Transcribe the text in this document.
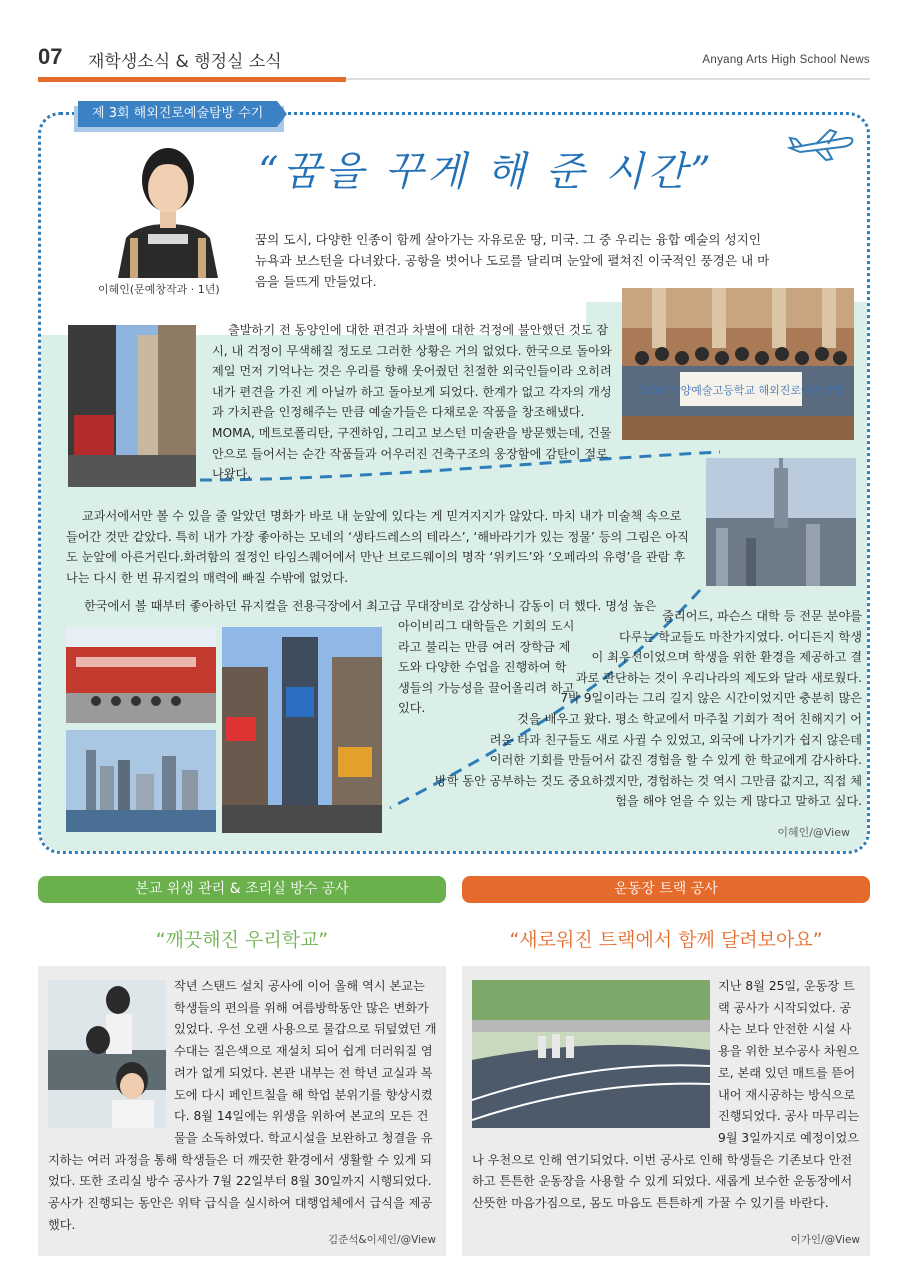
07 재학생소식 & 행정실 소식	Anyang Arts High School News
제 3회 해외진로예술탐방 수기
이혜인(문예창작과 · 1년)
“꿈을 꾸게 해 준 시간”
꿈의 도시, 다양한 인종이 함께 살아가는 자유로운 땅, 미국. 그 중 우리는 융합 예술의 성지인 뉴욕과 보스턴을 다녀왔다. 공항을 벗어나 도로를 달리며 눈앞에 펼쳐진 이국적인 풍경은 내 마음을 들뜨게 만들었다.
2016 안양예술고등학교 해외진로예술탐방
출발하기 전 동양인에 대한 편견과 차별에 대한 걱정에 불안했던 것도 잠시, 내 걱정이 무색해질 정도로 그러한 상황은 거의 없었다. 한국으로 돌아와 제일 먼저 기억나는 것은 우리를 향해 웃어줬던 친절한 외국인들이라 오히려 내가 편견을 가진 게 아닐까 하고 돌아보게 되었다. 한계가 없고 각자의 개성과 가치관을 인정해주는 만큼 예술가들은 다채로운 작품을 창조해냈다. MOMA, 메트로폴리탄, 구겐하임, 그리고 보스턴 미술관을 방문했는데, 건물 안으로 들어서는 순간 작품들과 어우러진 건축구조의 웅장함에 감탄이 절로 나왔다.
교과서에서만 볼 수 있을 줄 알았던 명화가 바로 내 눈앞에 있다는 게 믿겨지지가 않았다. 마치 내가 미술책 속으로 들어간 것만 같았다. 특히 내가 가장 좋아하는 모네의 ‘생타드레스의 테라스’, ‘해바라기가 있는 정물’ 등의 그림은 아직도 눈앞에 아른거린다.화려함의 절정인 타임스퀘어에서 만난 브로드웨이의 명작 ‘위키드’와 ‘오페라의 유령’을 관람 후 나는 다시 한 번 뮤지컬의 매력에 빠질 수밖에 없었다.
한국에서 볼 때부터 좋아하던 뮤지컬을 전용극장에서 최고급 무대장비로 감상하니 감동이 더 했다. 명성 높은
아이비리그 대학들은 기회의 도시라고 불리는 만큼 여러 장학금 제도와 다양한 수업을 진행하여 학생들의 가능성을 끌어올리려 하고 있다.
줄리어드, 파슨스 대학 등 전문 분야를
다루는 학교들도 마찬가지였다. 어디든지 학생
이 최우선이었으며 학생을 위한 환경을 제공하고 결
과로 판단하는 것이 우리나라의 제도와 달라 새로웠다.
7박 9일이라는 그리 길지 않은 시간이었지만 충분히 많은
것을 배우고 왔다. 평소 학교에서 마주칠 기회가 적어 친해지기 어
려운 타과 친구들도 새로 사귈 수 있었고, 외국에 나가기가 쉽지 않은데
이러한 기회를 만들어서 값진 경험을 할 수 있게 한 학교에게 감사하다.
방학 동안 공부하는 것도 중요하겠지만, 경험하는 것 역시 그만큼 값지고, 직접 체
험을 해야 얻을 수 있는 게 많다고 말하고 싶다.
이혜인/@View
본교 위생 관리 & 조리실 방수 공사
“깨끗해진 우리학교”
작년 스탠드 설치 공사에 이어 올해 역시 본교는 학생들의 편의를 위해 여름방학동안 많은 변화가 있었다. 우선 오랜 사용으로 물갑으로 뒤덮였던 개수대는 질은색으로 재설치 되어 쉽게 더러워질 염려가 없게 되었다. 본관 내부는 전 학년 교실과 복도에 다시 페인트칠을 해 학업 분위기를 향상시켰다. 8월 14일에는 위생을 위하여 본교의 모든 건물을 소독하였다. 학교시설을 보완하고 청결을 유지하는 여러 과정을 통해 학생들은 더 깨끗한 환경에서 생활할 수 있게 되었다. 또한 조리실 방수 공사가 7월 22일부터 8월 30일까지 시행되었다. 공사가 진행되는 동안은 위탁 급식을 실시하여 대행업체에서 급식을 제공했다.
김준석&이세인/@View
운동장 트랙 공사
“새로워진 트랙에서 함께 달려보아요”
지난 8월 25일, 운동장 트랙 공사가 시작되었다. 공사는 보다 안전한 시설 사용을 위한 보수공사 차원으로, 본래 있던 매트를 뜯어내어 재시공하는 방식으로 진행되었다. 공사 마무리는 9월 3일까지로 예정이었으나 우천으로 인해 연기되었다. 이번 공사로 인해 학생들은 기존보다 안전하고 튼튼한 운동장을 사용할 수 있게 되었다. 새롭게 보수한 운동장에서 산뜻한 마음가짐으로, 몸도 마음도 튼튼하게 가꿀 수 있기를 바란다.
이가인/@View
